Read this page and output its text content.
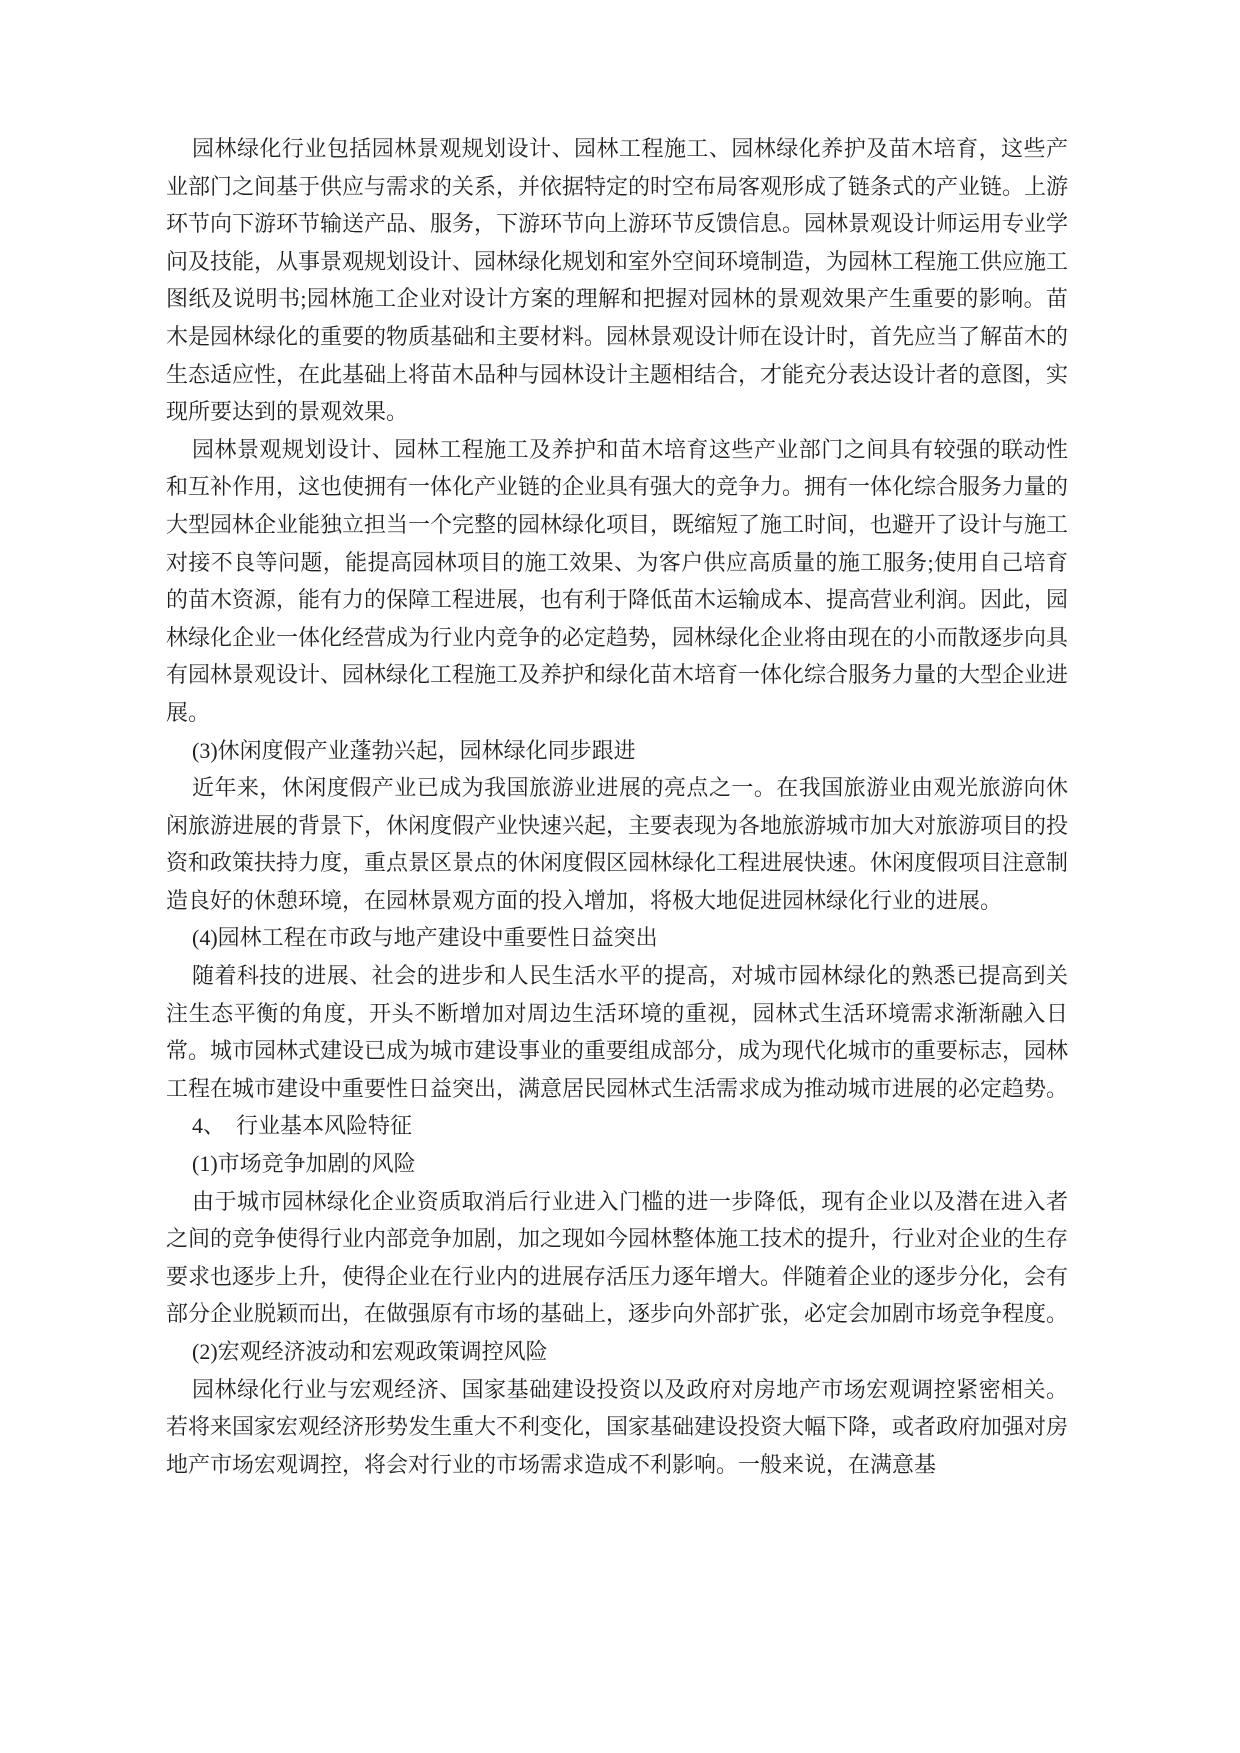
园林绿化行业包括园林景观规划设计、园林工程施工、园林绿化养护及苗木培育，这些产业部门之间基于供应与需求的关系，并依据特定的时空布局客观形成了链条式的产业链。上游环节向下游环节输送产品、服务，下游环节向上游环节反馈信息。园林景观设计师运用专业学问及技能，从事景观规划设计、园林绿化规划和室外空间环境制造，为园林工程施工供应施工图纸及说明书;园林施工企业对设计方案的理解和把握对园林的景观效果产生重要的影响。苗木是园林绿化的重要的物质基础和主要材料。园林景观设计师在设计时，首先应当了解苗木的生态适应性，在此基础上将苗木品种与园林设计主题相结合，才能充分表达设计者的意图，实现所要达到的景观效果。

园林景观规划设计、园林工程施工及养护和苗木培育这些产业部门之间具有较强的联动性和互补作用，这也使拥有一体化产业链的企业具有强大的竞争力。拥有一体化综合服务力量的大型园林企业能独立担当一个完整的园林绿化项目，既缩短了施工时间，也避开了设计与施工对接不良等问题，能提高园林项目的施工效果、为客户供应高质量的施工服务;使用自己培育的苗木资源，能有力的保障工程进展，也有利于降低苗木运输成本、提高营业利润。因此，园林绿化企业一体化经营成为行业内竞争的必定趋势，园林绿化企业将由现在的小而散逐步向具有园林景观设计、园林绿化工程施工及养护和绿化苗木培育一体化综合服务力量的大型企业进展。

(3)休闲度假产业蓬勃兴起，园林绿化同步跟进

近年来，休闲度假产业已成为我国旅游业进展的亮点之一。在我国旅游业由观光旅游向休闲旅游进展的背景下，休闲度假产业快速兴起，主要表现为各地旅游城市加大对旅游项目的投资和政策扶持力度，重点景区景点的休闲度假区园林绿化工程进展快速。休闲度假项目注意制造良好的休憩环境，在园林景观方面的投入增加，将极大地促进园林绿化行业的进展。

(4)园林工程在市政与地产建设中重要性日益突出

随着科技的进展、社会的进步和人民生活水平的提高，对城市园林绿化的熟悉已提高到关注生态平衡的角度，开头不断增加对周边生活环境的重视，园林式生活环境需求渐渐融入日常。城市园林式建设已成为城市建设事业的重要组成部分，成为现代化城市的重要标志，园林工程在城市建设中重要性日益突出，满意居民园林式生活需求成为推动城市进展的必定趋势。

4、　行业基本风险特征

(1)市场竞争加剧的风险

由于城市园林绿化企业资质取消后行业进入门槛的进一步降低，现有企业以及潜在进入者之间的竞争使得行业内部竞争加剧，加之现如今园林整体施工技术的提升，行业对企业的生存要求也逐步上升，使得企业在行业内的进展存活压力逐年增大。伴随着企业的逐步分化，会有部分企业脱颖而出，在做强原有市场的基础上，逐步向外部扩张，必定会加剧市场竞争程度。

(2)宏观经济波动和宏观政策调控风险

园林绿化行业与宏观经济、国家基础建设投资以及政府对房地产市场宏观调控紧密相关。若将来国家宏观经济形势发生重大不利变化，国家基础建设投资大幅下降，或者政府加强对房地产市场宏观调控，将会对行业的市场需求造成不利影响。一般来说，在满意基
